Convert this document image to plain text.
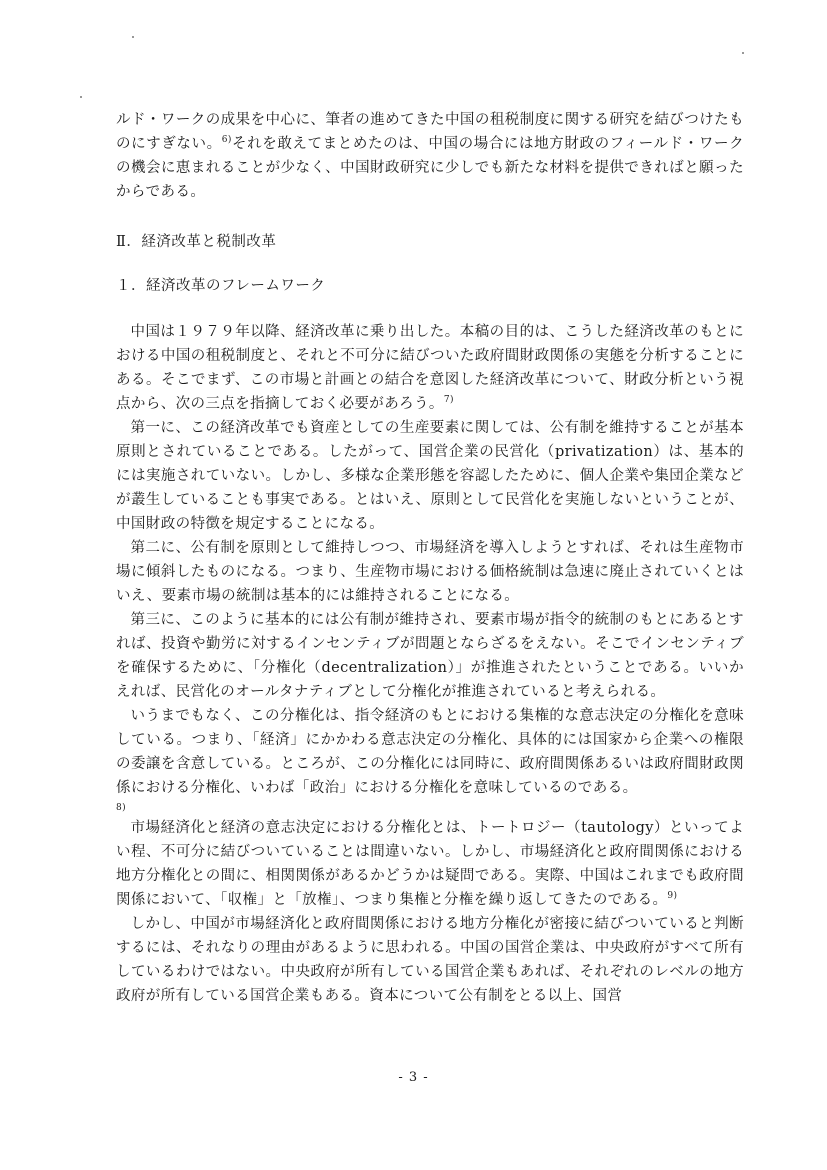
ルド・ワークの成果を中心に、筆者の進めてきた中国の租税制度に関する研究を結びつけたものにすぎない。$^{6)}$それを敢えてまとめたのは、中国の場合には地方財政のフィールド・ワークの機会に恵まれることが少なく、中国財政研究に少しでも新たな材料を提供できればと願ったからである。
Ⅱ．経済改革と税制改革
１．経済改革のフレームワーク

中国は１９７９年以降、経済改革に乗り出した。本稿の目的は、こうした経済改革のもとにおける中国の租税制度と、それと不可分に結びついた政府間財政関係の実態を分析することにある。そこでまず、この市場と計画との結合を意図した経済改革について、財政分析という視点から、次の三点を指摘しておく必要があろう。$^{7)}$

第一に、この経済改革でも資産としての生産要素に関しては、公有制を維持することが基本原則とされていることである。したがって、国営企業の民営化（privatization）は、基本的には実施されていない。しかし、多様な企業形態を容認したために、個人企業や集団企業などが叢生していることも事実である。とはいえ、原則として民営化を実施しないということが、中国財政の特徴を規定することになる。

第二に、公有制を原則として維持しつつ、市場経済を導入しようとすれば、それは生産物市場に傾斜したものになる。つまり、生産物市場における価格統制は急速に廃止されていくとはいえ、要素市場の統制は基本的には維持されることになる。

第三に、このように基本的には公有制が維持され、要素市場が指令的統制のもとにあるとすれば、投資や勤労に対するインセンティブが問題とならざるをえない。そこでインセンティブを確保するために、「分権化（decentralization）」が推進されたということである。いいかえれば、民営化のオールタナティブとして分権化が推進されていると考えられる。

いうまでもなく、この分権化は、指令経済のもとにおける集権的な意志決定の分権化を意味している。つまり、「経済」にかかわる意志決定の分権化、具体的には国家から企業への権限の委譲を含意している。ところが、この分権化には同時に、政府間関係あるいは政府間財政関係における分権化、いわば「政治」における分権化を意味しているのである。
8)

市場経済化と経済の意志決定における分権化とは、トートロジー（tautology）といってよい程、不可分に結びついていることは間違いない。しかし、市場経済化と政府間関係における地方分権化との間に、相関関係があるかどうかは疑問である。実際、中国はこれまでも政府間関係において、「収権」と「放権」、つまり集権と分権を繰り返してきたのである。$^{9)}$

しかし、中国が市場経済化と政府間関係における地方分権化が密接に結びついていると判断するには、それなりの理由があるように思われる。中国の国営企業は、中央政府がすべて所有しているわけではない。中央政府が所有している国営企業もあれば、それぞれのレベルの地方政府が所有している国営企業もある。資本について公有制をとる以上、国営

- 3 -
